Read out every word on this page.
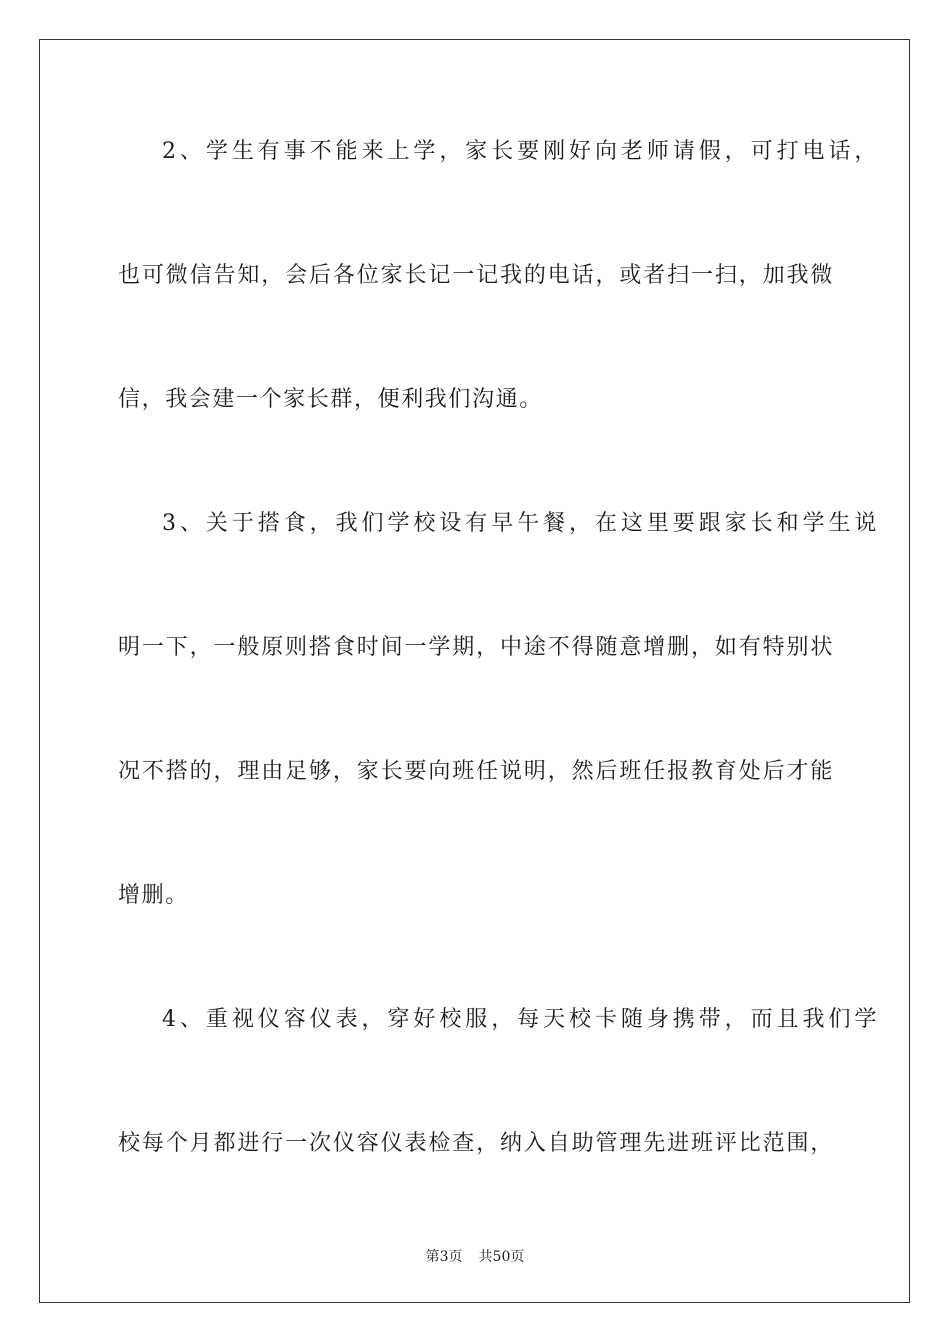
2、学生有事不能来上学，家长要刚好向老师请假，可打电话，
也可微信告知，会后各位家长记一记我的电话，或者扫一扫，加我微
信，我会建一个家长群，便利我们沟通。
3、关于搭食，我们学校设有早午餐，在这里要跟家长和学生说
明一下，一般原则搭食时间一学期，中途不得随意增删，如有特别状
况不搭的，理由足够，家长要向班任说明，然后班任报教育处后才能
增删。
4、重视仪容仪表，穿好校服，每天校卡随身携带，而且我们学
校每个月都进行一次仪容仪表检查，纳入自助管理先进班评比范围，
第3页 共50页
